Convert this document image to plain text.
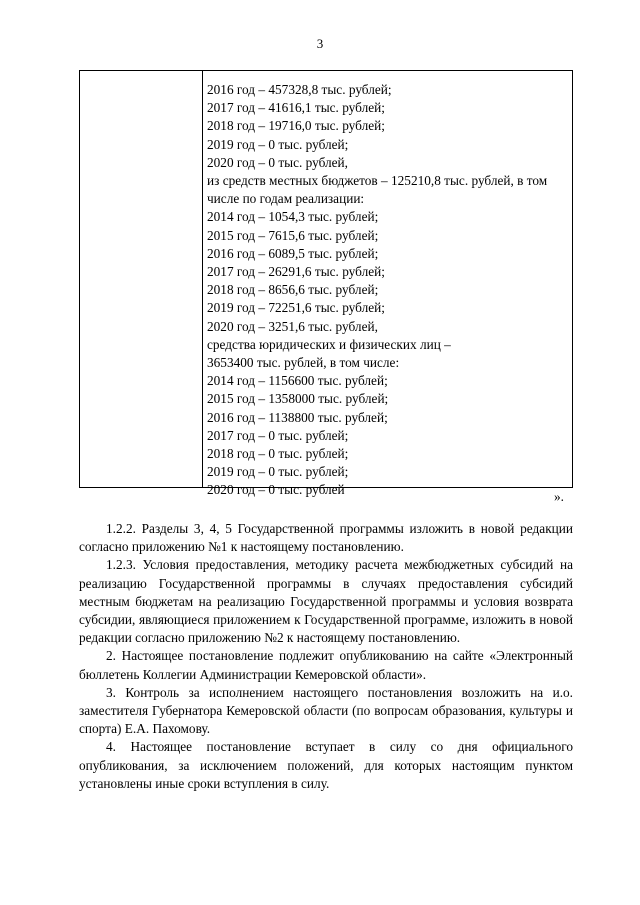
3
2016 год – 457328,8 тыс. рублей;
2017 год – 41616,1 тыс. рублей;
2018 год – 19716,0 тыс. рублей;
2019 год – 0 тыс. рублей;
2020 год – 0 тыс. рублей,
из средств местных бюджетов – 125210,8 тыс. рублей, в том числе по годам реализации:
2014 год – 1054,3 тыс. рублей;
2015 год – 7615,6 тыс. рублей;
2016 год – 6089,5 тыс. рублей;
2017 год – 26291,6 тыс. рублей;
2018 год – 8656,6 тыс. рублей;
2019 год – 72251,6 тыс. рублей;
2020 год – 3251,6 тыс. рублей,
средства юридических и физических лиц –
3653400 тыс. рублей, в том числе:
2014 год – 1156600 тыс. рублей;
2015 год – 1358000 тыс. рублей;
2016 год – 1138800 тыс. рублей;
2017 год – 0 тыс. рублей;
2018 год – 0 тыс. рублей;
2019 год – 0 тыс. рублей;
2020 год – 0 тыс. рублей	».

1.2.2. Разделы 3, 4, 5 Государственной программы изложить в новой редакции согласно приложению №1 к настоящему постановлению.

1.2.3. Условия предоставления, методику расчета межбюджетных субсидий на реализацию Государственной программы в случаях предоставления субсидий местным бюджетам на реализацию Государственной программы и условия возврата субсидии, являющиеся приложением к Государственной программе, изложить в новой редакции согласно приложению №2 к настоящему постановлению.

2. Настоящее постановление подлежит опубликованию на сайте «Электронный бюллетень Коллегии Администрации Кемеровской области».

3. Контроль за исполнением настоящего постановления возложить на и.о. заместителя Губернатора Кемеровской области (по вопросам образования, культуры и спорта) Е.А. Пахомову.

4. Настоящее постановление вступает в силу со дня официального опубликования, за исключением положений, для которых настоящим пунктом установлены иные сроки вступления в силу.
